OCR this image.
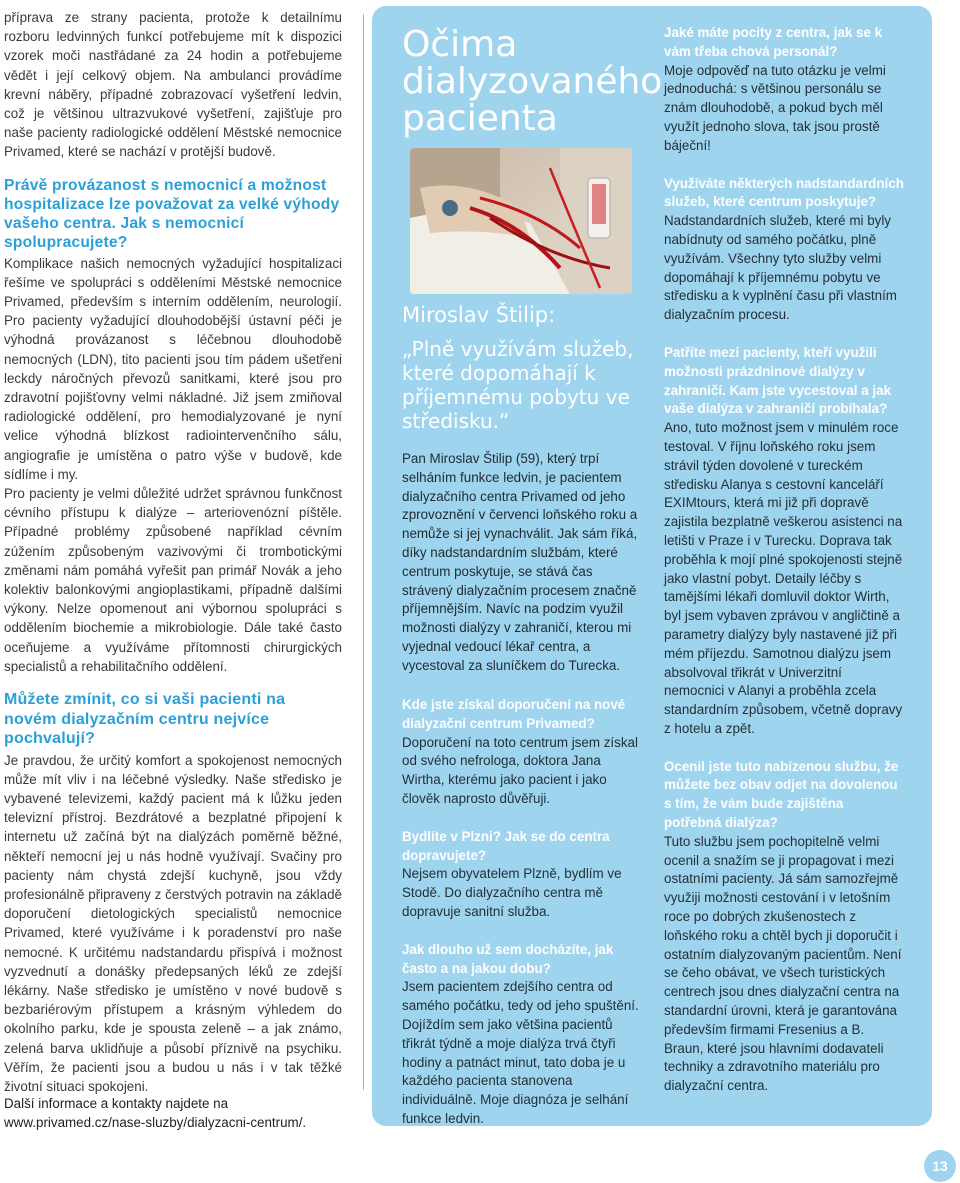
příprava ze strany pacienta, protože k detailnímu rozboru ledvinných funkcí potřebujeme mít k dispozici vzorek moči nastřádané za 24 hodin a potřebujeme vědět i její celkový objem. Na ambulanci provádíme krevní náběry, případné zobrazovací vyšetření ledvin, což je většinou ultrazvukové vyšetření, zajišťuje pro naše pacienty radiologické oddělení Městské nemocnice Privamed, které se nachází v protější budově.

Právě provázanost s nemocnicí a možnost hospitalizace lze považovat za velké výhody vašeho centra. Jak s nemocnicí spolupracujete?

Komplikace našich nemocných vyžadující hospitalizaci řešíme ve spolupráci s odděleními Městské nemocnice Privamed, především s interním oddělením, neurologií. Pro pacienty vyžadující dlouhodobější ústavní péči je výhodná provázanost s léčebnou dlouhodobě nemocných (LDN), tito pacienti jsou tím pádem ušetřeni leckdy náročných převozů sanitkami, které jsou pro zdravotní pojišťovny velmi nákladné. Již jsem zmiňoval radiologické oddělení, pro hemodialyzované je nyní velice výhodná blízkost radiointervenčního sálu, angiografie je umístěna o patro výše v budově, kde sídlíme i my.

Pro pacienty je velmi důležité udržet správnou funkčnost cévního přístupu k dialýze – arteriovenózní píštěle. Případné problémy způsobené například cévním zúžením způsobeným vazivovými či trombotickými změnami nám pomáhá vyřešit pan primář Novák a jeho kolektiv balonkovými angioplastikami, případně dalšími výkony. Nelze opomenout ani výbornou spolupráci s oddělením biochemie a mikrobiologie. Dále také často oceňujeme a využíváme přítomnosti chirurgických specialistů a rehabilitačního oddělení.

Můžete zmínit, co si vaši pacienti na novém dialyzačním centru nejvíce pochvalují?

Je pravdou, že určitý komfort a spokojenost nemocných může mít vliv i na léčebné výsledky. Naše středisko je vybavené televizemi, každý pacient má k lůžku jeden televizní přístroj. Bezdrátové a bezplatné připojení k internetu už začíná být na dialýzách poměrně běžné, někteří nemocní jej u nás hodně využívají. Svačiny pro pacienty nám chystá zdejší kuchyně, jsou vždy profesionálně připraveny z čerstvých potravin na základě doporučení dietologických specialistů nemocnice Privamed, které využíváme i k poradenství pro naše nemocné. K určitému nadstandardu přispívá i možnost vyzvednutí a donášky předepsaných léků ze zdejší lékárny. Naše středisko je umístěno v nové budově s bezbariérovým přístupem a krásným výhledem do okolního parku, kde je spousta zeleně – a jak známo, zelená barva uklidňuje a působí příznivě na psychiku. Věřím, že pacienti jsou a budou u nás i v tak těžké životní situaci spokojeni.

Další informace a kontakty najdete na
www.privamed.cz/nase-sluzby/dialyzacni-centrum/.
Očima dialyzovaného pacienta
Miroslav Štilip:
„Plně využívám služeb, které dopomáhají k příjemnému pobytu ve středisku.“
Pan Miroslav Štilip (59), který trpí selháním funkce ledvin, je pacientem dialyzačního centra Privamed od jeho zprovoznění v červenci loňského roku a nemůže si jej vynachválit. Jak sám říká, díky nadstandardním službám, které centrum poskytuje, se stává čas strávený dialyzačním procesem značně příjemnějším. Navíc na podzim využil možnosti dialýzy v zahraničí, kterou mi vyjednal vedoucí lékař centra, a vycestoval za sluníčkem do Turecka.

Kde jste získal doporučení na nové dialyzační centrum Privamed?

Doporučení na toto centrum jsem získal od svého nefrologa, doktora Jana Wirtha, kterému jako pacient i jako člověk naprosto důvěřuji.

Bydlíte v Plzni? Jak se do centra dopravujete?

Nejsem obyvatelem Plzně, bydlím ve Stodě. Do dialyzačního centra mě dopravuje sanitní služba.

Jak dlouho už sem docházíte, jak často a na jakou dobu?

Jsem pacientem zdejšího centra od samého počátku, tedy od jeho spuštění. Dojíždím sem jako většina pacientů třikrát týdně a moje dialýza trvá čtyři hodiny a patnáct minut, tato doba je u každého pacienta stanovena individuálně. Moje diagnóza je selhání funkce ledvin.

Jaké máte pocity z centra, jak se k vám třeba chová personál?

Moje odpověď na tuto otázku je velmi jednoduchá: s většinou personálu se znám dlouhodobě, a pokud bych měl využít jednoho slova, tak jsou prostě báječní!

Využíváte některých nadstandardních služeb, které centrum poskytuje?

Nadstandardních služeb, které mi byly nabídnuty od samého počátku, plně využívám. Všechny tyto služby velmi dopomáhají k příjemnému pobytu ve středisku a k vyplnění času při vlastním dialyzačním procesu.

Patříte mezi pacienty, kteří využili možnosti prázdninové dialýzy v zahraničí. Kam jste vycestoval a jak vaše dialýza v zahraničí probíhala?

Ano, tuto možnost jsem v minulém roce testoval. V říjnu loňského roku jsem strávil týden dovolené v tureckém středisku Alanya s cestovní kanceláří EXIMtours, která mi již při dopravě zajistila bezplatně veškerou asistenci na letišti v Praze i v Turecku. Doprava tak proběhla k mojí plné spokojenosti stejně jako vlastní pobyt. Detaily léčby s tamějšími lékaři domluvil doktor Wirth, byl jsem vybaven zprávou v angličtině a parametry dialýzy byly nastavené již při mém příjezdu. Samotnou dialýzu jsem absolvoval třikrát v Univerzitní nemocnici v Alanyi a proběhla zcela standardním způsobem, včetně dopravy z hotelu a zpět.

Ocenil jste tuto nabízenou službu, že můžete bez obav odjet na dovolenou s tím, že vám bude zajištěna potřebná dialýza?

Tuto službu jsem pochopitelně velmi ocenil a snažím se ji propagovat i mezi ostatními pacienty. Já sám samozřejmě využiji možnosti cestování i v letošním roce po dobrých zkušenostech z loňského roku a chtěl bych ji doporučit i ostatním dialyzovaným pacientům. Není se čeho obávat, ve všech turistických centrech jsou dnes dialyzační centra na standardní úrovni, která je garantována především firmami Fresenius a B. Braun, které jsou hlavními dodavateli techniky a zdravotního materiálu pro dialyzační centra.

13
